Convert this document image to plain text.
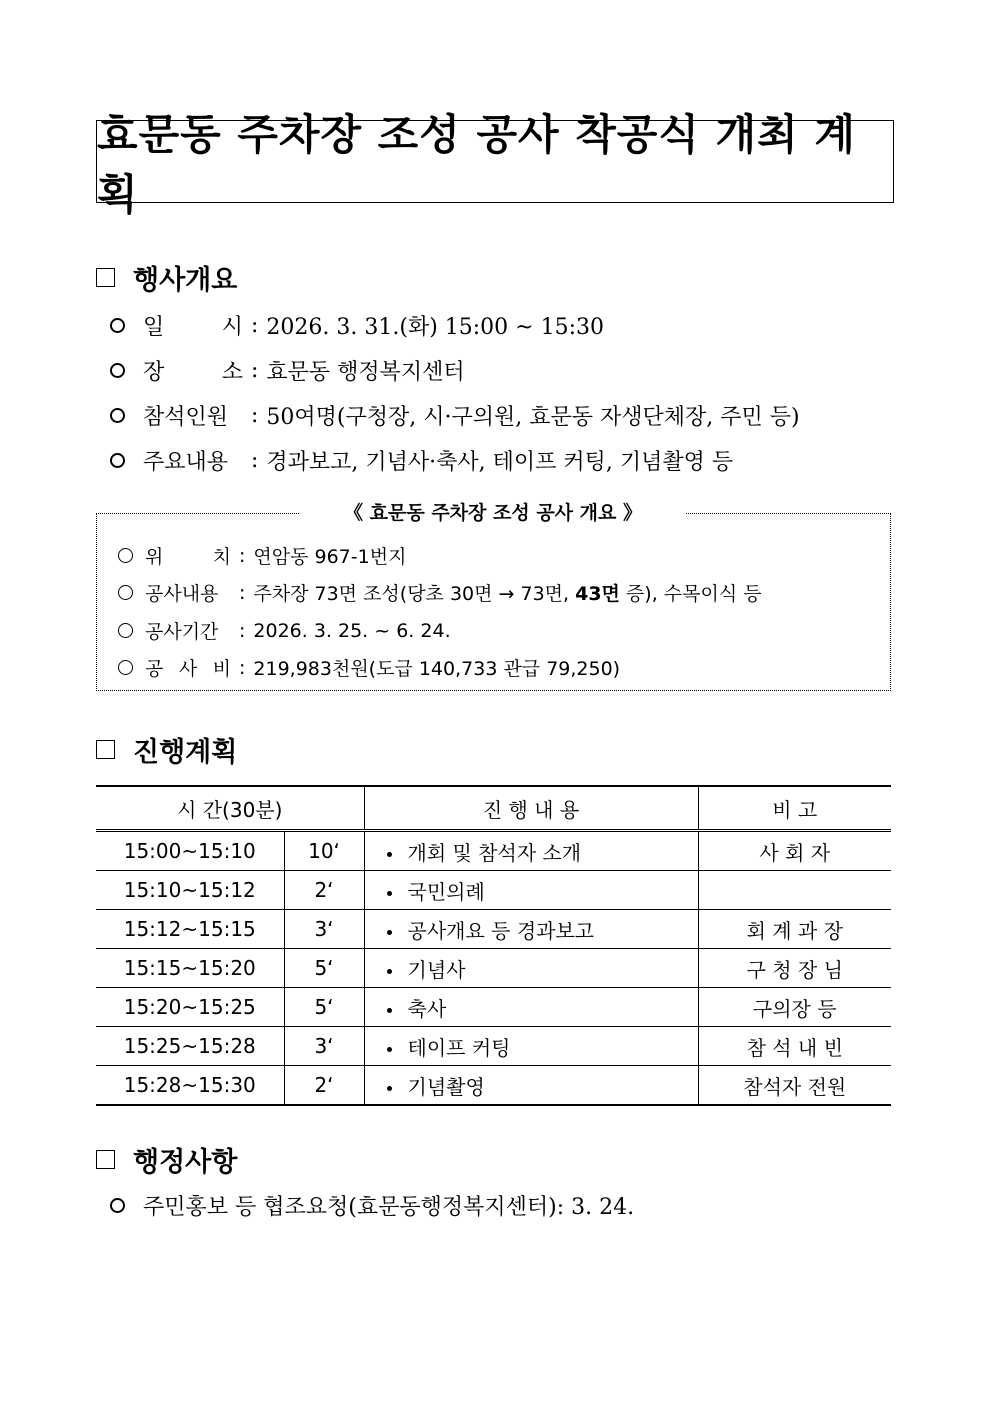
효문동 주차장 조성 공사 착공식 개최 계획
행사개요
일	시 : 2026. 3. 31.(화) 15:00 ~ 15:30
장	소 : 효문동 행정복지센터
참석인원	: 50여명(구청장, 시·구의원, 효문동 자생단체장, 주민 등)
주요내용	: 경과보고, 기념사·축사, 테이프 커팅, 기념촬영 등
《 효문동 주차장 조성 공사 개요 》
위	치 : 연암동 967-1번지
공사내용	: 주차장 73면 조성(당초 30면 → 73면, 43면 증), 수목이식 등
공사기간	: 2026. 3. 25. ~ 6. 24.
공 사 비 : 219,983천원(도급 140,733 관급 79,250)
진행계획
시 간(30분)		진 행 내 용	비 고
15:00~15:10	10‘	개회 및 참석자 소개	사 회 자
15:10~15:12	2‘	국민의례	
15:12~15:15	3‘	공사개요 등 경과보고	회 계 과 장
15:15~15:20	5‘	기념사	구 청 장 님
15:20~15:25	5‘	축사	구의장 등
15:25~15:28	3‘	테이프 커팅	참 석 내 빈
15:28~15:30	2‘	기념촬영	참석자 전원
행정사항
주민홍보 등 협조요청(효문동행정복지센터): 3. 24.
